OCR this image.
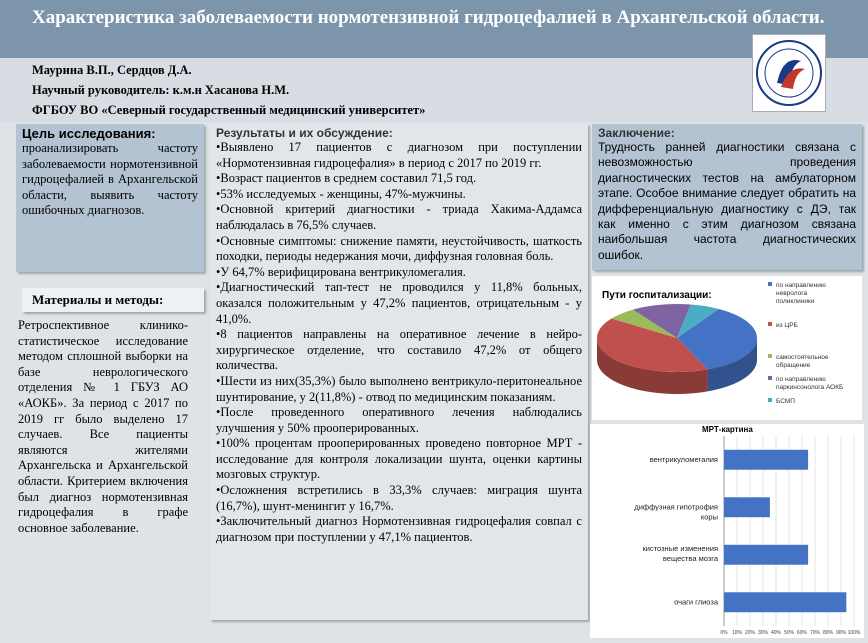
Характеристика заболеваемости нормотензивной гидроцефалией в Архангельской области.
Маурина В.П., Сердцов Д.А.
Научный руководитель: к.м.н Хасанова Н.М.
ФГБОУ ВО «Северный государственный медицинский университет»
Цель исследования:
проанализировать частоту заболеваемости нормотензивной гидроцефалией в Архангельской области, выявить частоту ошибочных диагнозов.
Материалы и методы:
Ретроспективное клинико-статистическое исследование методом сплошной выборки на базе неврологического отделения № 1 ГБУЗ АО «АОКБ». За период с 2017 по 2019 гг было выделено 17 случаев. Все пациенты являются жителями Архангельска и Архангельской области. Критерием включения был диагноз нормотензивная гидроцефалия в графе основное заболевание.
Результаты и их обсуждение:

•Выявлено 17 пациентов с диагнозом при поступлении «Нормотензивная гидроцефалия» в период с 2017 по 2019 гг.

•Возраст пациентов в среднем составил 71,5 год.

•53% исследуемых - женщины, 47%-мужчины.

•Основной критерий диагностики - триада Хакима-Аддамса наблюдалась в 76,5% случаев.

•Основные симптомы: снижение памяти, неустойчивость, шаткость походки, периоды недержания мочи, диффузная головная боль.

•У 64,7% верифицирована вентрикуломегалия.

•Диагностический тап-тест не проводился у 11,8% больных, оказался положительным у 47,2% пациентов, отрицательным - у 41,0%.

•8 пациентов направлены на оперативное лечение в нейро-хирургическое отделение, что составило 47,2% от общего количества.

•Шести из них(35,3%) было выполнено вентрикуло-перитонеальное шунтирование, у 2(11,8%) - отвод по медицинским показаниям.

•После проведенного оперативного лечения наблюдались улучшения у 50% прооперированных.

•100% процентам прооперированных проведено повторное МРТ - исследование для контроля локализации шунта, оценки картины мозговых структур.

•Осложнения встретились в 33,3% случаев: миграция шунта (16,7%), шунт-менингит у 16,7%.

•Заключительный диагноз Нормотензивная гидроцефалия совпал с диагнозом при поступлении у 47,1% пациентов.

Заключение:
Трудность ранней диагностики связана с невозможностью проведения диагностических тестов на амбулаторном этапе. Особое внимание следует обратить на дифференциальную диагностику с ДЭ, так как именно с этим диагнозом связана наибольшая частота диагностических ошибок.
Пути госпитализации:
по направлению невролога поликлиники
из ЦРБ
самостоятельное обращение
по направлению паркинсонолога АОКБ
БСМП
МРТ-картина
0% 10% 20% 30% 40% 50% 60% 70% 80% 90% 100%
вентрикуломегалия
диффузная гипотрофия коры
кистозные изменения вещества мозга
очаги глиоза
